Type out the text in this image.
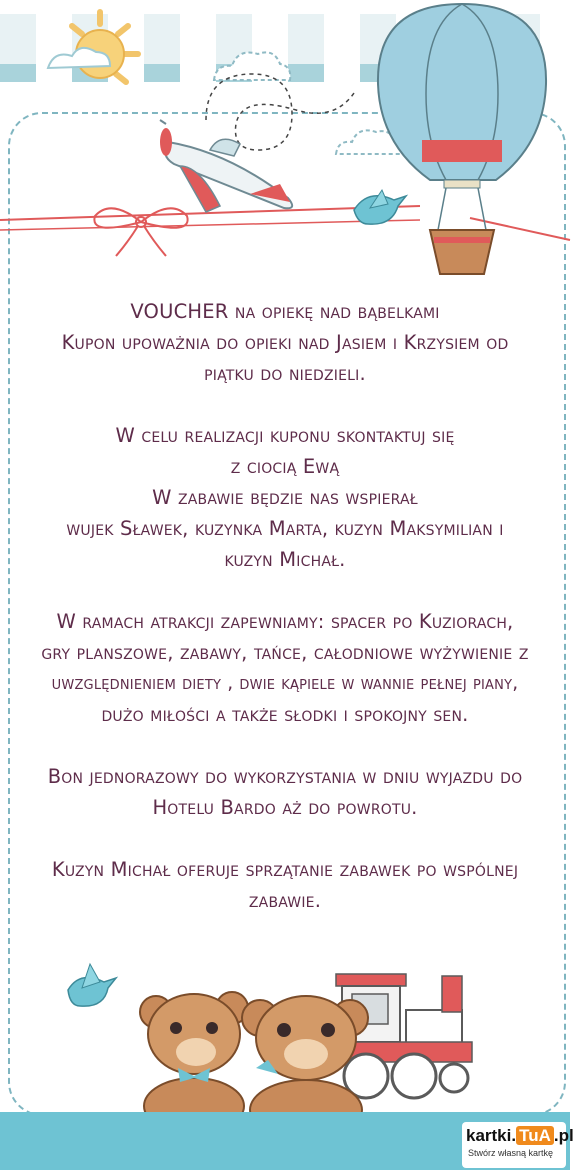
VOUCHER na opiekę nad bąbelkami

Kupon upoważnia do opieki nad Jasiem i Krzysiem od

piątku do niedzieli.

W celu realizacji kuponu skontaktuj się

z ciocią Ewą

W zabawie będzie nas wspierał

wujek Sławek, kuzynka Marta, kuzyn Maksymilian i

kuzyn Michał.

W ramach atrakcji zapewniamy: spacer po Kuziorach,

gry planszowe, zabawy, tańce, całodniowe wyżywienie z

uwzględnieniem diety , dwie kąpiele w wannie pełnej piany,

dużo miłości a także słodki i spokojny sen.

Bon jednorazowy do wykorzystania w dniu wyjazdu do

Hotelu Bardo aż do powrotu.

Kuzyn Michał oferuje sprzątanie zabawek po wspólnej

zabawie.

kartki. TuA .pl
Stwórz własną kartkę
